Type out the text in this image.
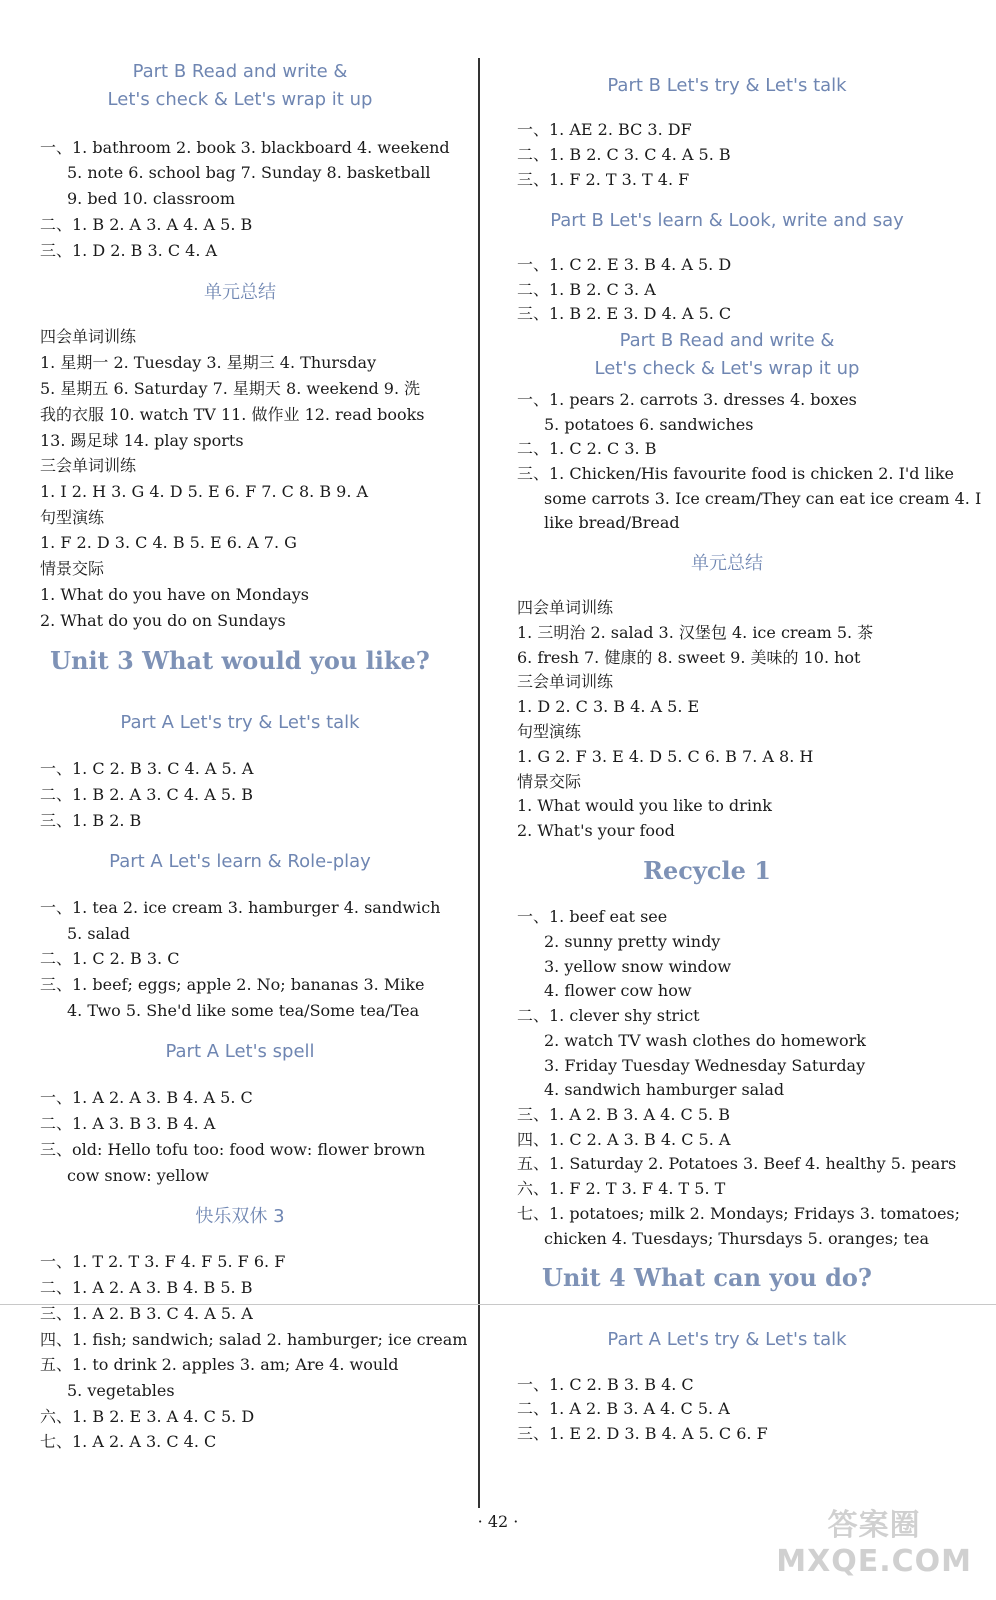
Part B Read and write &
Let's check & Let's wrap it up
一、1. bathroom 2. book 3. blackboard 4. weekend
5. note 6. school bag 7. Sunday 8. basketball
9. bed 10. classroom
二、1. B 2. A 3. A 4. A 5. B
三、1. D 2. B 3. C 4. A
单元总结
四会单词训练
1. 星期一 2. Tuesday 3. 星期三 4. Thursday
5. 星期五 6. Saturday 7. 星期天 8. weekend 9. 洗
我的衣服 10. watch TV 11. 做作业 12. read books
13. 踢足球 14. play sports
三会单词训练
1. I 2. H 3. G 4. D 5. E 6. F 7. C 8. B 9. A
句型演练
1. F 2. D 3. C 4. B 5. E 6. A 7. G
情景交际
1. What do you have on Mondays
2. What do you do on Sundays
Unit 3 What would you like?
Part A Let's try & Let's talk
一、1. C 2. B 3. C 4. A 5. A
二、1. B 2. A 3. C 4. A 5. B
三、1. B 2. B
Part A Let's learn & Role-play
一、1. tea 2. ice cream 3. hamburger 4. sandwich
5. salad
二、1. C 2. B 3. C
三、1. beef; eggs; apple 2. No; bananas 3. Mike
4. Two 5. She'd like some tea/Some tea/Tea
Part A Let's spell
一、1. A 2. A 3. B 4. A 5. C
二、1. A 3. B 3. B 4. A
三、old: Hello tofu too: food wow: flower brown
cow snow: yellow
快乐双休 3
一、1. T 2. T 3. F 4. F 5. F 6. F
二、1. A 2. A 3. B 4. B 5. B
三、1. A 2. B 3. C 4. A 5. A
四、1. fish; sandwich; salad 2. hamburger; ice cream
五、1. to drink 2. apples 3. am; Are 4. would
5. vegetables
六、1. B 2. E 3. A 4. C 5. D
七、1. A 2. A 3. C 4. C
Part B Let's try & Let's talk
一、1. AE 2. BC 3. DF
二、1. B 2. C 3. C 4. A 5. B
三、1. F 2. T 3. T 4. F
Part B Let's learn & Look, write and say
一、1. C 2. E 3. B 4. A 5. D
二、1. B 2. C 3. A
三、1. B 2. E 3. D 4. A 5. C
Part B Read and write &
Let's check & Let's wrap it up
一、1. pears 2. carrots 3. dresses 4. boxes
5. potatoes 6. sandwiches
二、1. C 2. C 3. B
三、1. Chicken/His favourite food is chicken 2. I'd like
some carrots 3. Ice cream/They can eat ice cream 4. I
like bread/Bread
单元总结
四会单词训练
1. 三明治 2. salad 3. 汉堡包 4. ice cream 5. 茶
6. fresh 7. 健康的 8. sweet 9. 美味的 10. hot
三会单词训练
1. D 2. C 3. B 4. A 5. E
句型演练
1. G 2. F 3. E 4. D 5. C 6. B 7. A 8. H
情景交际
1. What would you like to drink
2. What's your food
Recycle 1
一、1. beef eat see
2. sunny pretty windy
3. yellow snow window
4. flower cow how
二、1. clever shy strict
2. watch TV wash clothes do homework
3. Friday Tuesday Wednesday Saturday
4. sandwich hamburger salad
三、1. A 2. B 3. A 4. C 5. B
四、1. C 2. A 3. B 4. C 5. A
五、1. Saturday 2. Potatoes 3. Beef 4. healthy 5. pears
六、1. F 2. T 3. F 4. T 5. T
七、1. potatoes; milk 2. Mondays; Fridays 3. tomatoes;
chicken 4. Tuesdays; Thursdays 5. oranges; tea
Unit 4 What can you do?
Part A Let's try & Let's talk
一、1. C 2. B 3. B 4. C
二、1. A 2. B 3. A 4. C 5. A
三、1. E 2. D 3. B 4. A 5. C 6. F
· 42 ·	答案圈
MXQE.COM
